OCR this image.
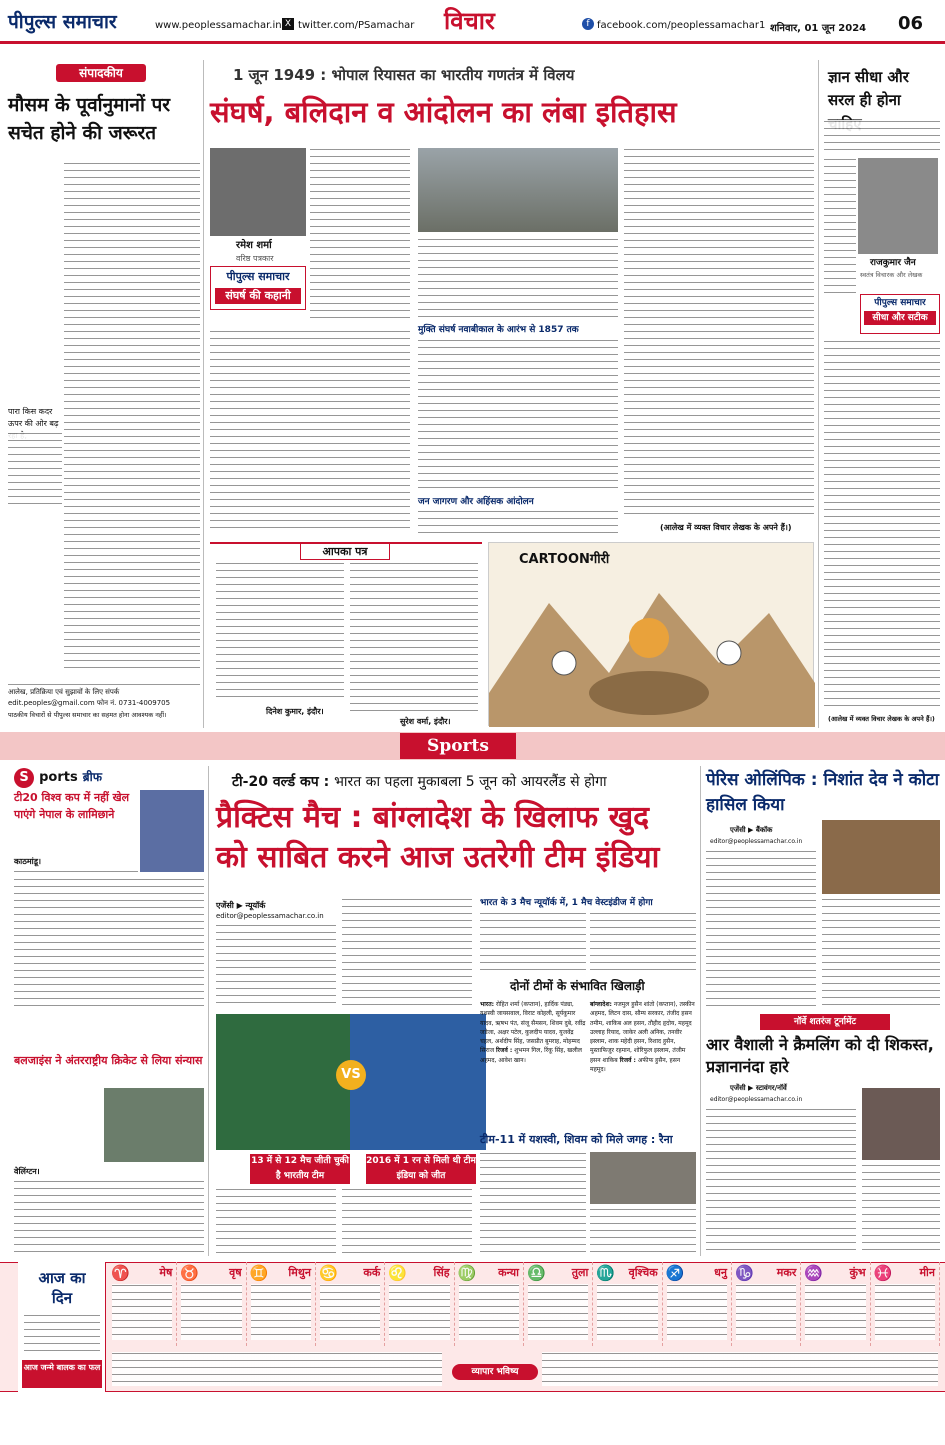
पीपुल्स समाचार	www.peoplessamachar.in X twitter.com/PSamachar विचार	f facebook.com/peoplessamachar1 शनिवार, 01 जून 2024 06
संपादकीय
मौसम के पूर्वानुमानों पर सचेत होने की जरूरत
पारा किस कदर ऊपर की ओर बढ़
आलेख, प्रतिक्रिया एवं सुझावों के लिए संपर्क
edit.peoples@gmail.com फोन नं. 0731-4009705
पाठकीय विचारों से पीपुल्स समाचार का सहमत होना आवश्यक नहीं।
1 जून 1949 : भोपाल रियासत का भारतीय गणतंत्र में विलय
संघर्ष, बलिदान व आंदोलन का लंबा इतिहास
रमेश शर्मा
वरिष्ठ पत्रकार
पीपुल्स समाचार
संघर्ष की कहानी
मुक्ति संघर्ष नवाबीकाल के आरंभ से 1857 तक
जन जागरण और अहिंसक आंदोलन
(आलेख में व्यक्त विचार लेखक के अपने हैं।)
आपका पत्र
दिनेश कुमार, इंदौर।
सुरेश वर्मा, इंदौर।
CARTOONगीरी
ज्ञान सीधा और सरल ही होना
राजकुमार जैन
स्वतंत्र विचारक और लेखक
पीपुल्स समाचार
सीधा और सटीक
(आलेख में व्यक्त विचार लेखक के अपने हैं।)
Sports
S ports ब्रीफ
टी20 विश्व कप में नहीं खेल पाएंगे नेपाल के लामिछाने
काठमांडू।
बलजाइंस ने अंतरराष्ट्रीय क्रिकेट से लिया संन्यास
वेलिंग्टन।
टी-20 वर्ल्ड कप : भारत का पहला मुकाबला 5 जून को आयरलैंड से होगा
प्रैक्टिस मैच : बांग्लादेश के खिलाफ खुद को साबित करने आज उतरेगी टीम इंडिया
एजेंसी ▶ न्यूयॉर्क
editor@peoplessamachar.co.in
VS
13 में से 12 मैच जीती चुकी है भारतीय टीम
2016 में 1 रन से मिली थी टीम इंडिया को जीत
भारत के 3 मैच न्यूयॉर्क में, 1 मैच वेस्टइंडीज में होगा
दोनों टीमों के संभावित खिलाड़ी
भारत: रोहित शर्मा (कप्तान), हार्दिक पंड्या, यशस्वी जायसवाल, विराट कोहली, सूर्यकुमार यादव, ऋषभ पंत, संजू सैमसन, शिवम दुबे, रवींद्र जडेजा, अक्षर पटेल, कुलदीप यादव, युजवेंद्र चहल, अर्शदीप सिंह, जसप्रीत बुमराह, मोहम्मद सिराज रिजर्व : शुभमन गिल, रिंकू सिंह, खलील अहमद, आवेश खान।
बांग्लादेश: नजमुल हुसैन शांतो (कप्तान), तस्कीन अहमद, लिटन दास, सौम्य सरकार, तंजीद हसन तमीम, शाकिब अल हसन, तौहीद हृदोय, महमूद उल्लाह रियाद, जाकेर अली अनिक, तनवीर इस्लाम, शाक महेदी हसन, रिशाद हुसैन, मुस्ताफिजुर रहमान, शोरिफुल इस्लाम, तंजीम हसन शाकिब रिजर्व : अफीफ हुसैन, हसन महमूद।
टीम-11 में यशस्वी, शिवम को मिले जगह : रैना
पेरिस ओलिंपिक : निशांत देव ने कोटा हासिल किया
एजेंसी ▶ बैंकॉक
editor@peoplessamachar.co.in
नॉर्वे शतरंज टूर्नामेंट
आर वैशाली ने क्रैमलिंग को दी शिकस्त, प्रज्ञानानंदा हारे
एजेंसी ▶ स्टावंगर/नॉर्वे
editor@peoplessamachar.co.in
आज का
दिन
आज जन्मे बालक का फल
♈	मेष ♉	वृष ♊ मिथुन ♋ कर्क ♌ सिंह ♍ कन्या ♎ तुला ♏ वृश्चिक ♐	धनु ♑ मकर ♒ कुंभ ♓ मीन
व्यापार भविष्य
